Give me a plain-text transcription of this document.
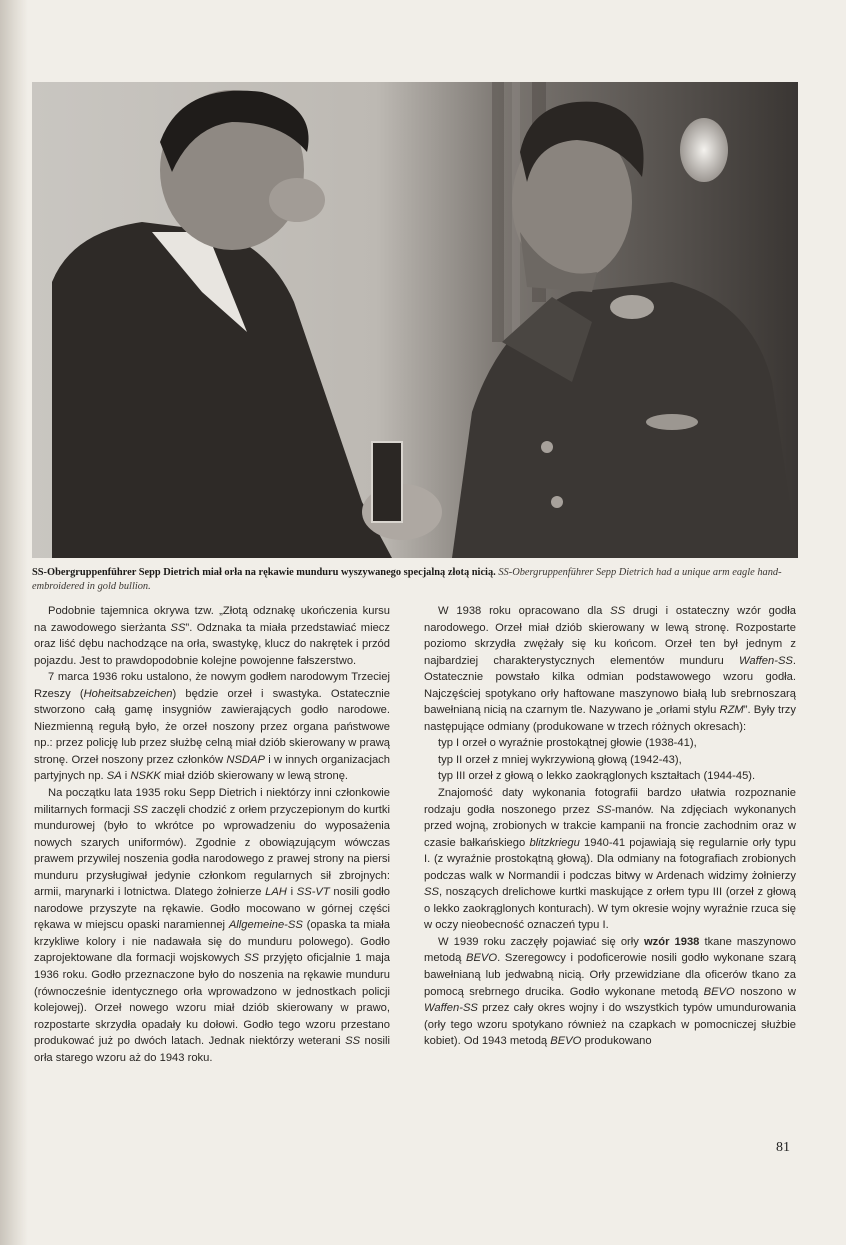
SS-Obergruppenführer Sepp Dietrich miał orła na rękawie munduru wyszywanego specjalną złotą nicią. SS-Obergruppenführer Sepp Dietrich had a unique arm eagle hand-embroidered in gold bullion.

Podobnie tajemnica okrywa tzw. „Złotą odznakę ukończenia kursu na zawodowego sierżanta SS”. Odznaka ta miała przedstawiać miecz oraz liść dębu nachodzące na orła, swastykę, klucz do nakrętek i przód pojazdu. Jest to prawdopodobnie kolejne powojenne fałszerstwo.

7 marca 1936 roku ustalono, że nowym godłem narodowym Trzeciej Rzeszy (Hoheitsabzeichen) będzie orzeł i swastyka. Ostatecznie stworzono całą gamę insygniów zawierających godło narodowe. Niezmienną regułą było, że orzeł noszony przez organa państwowe np.: przez policję lub przez służbę celną miał dziób skierowany w prawą stronę. Orzeł noszony przez członków NSDAP i w innych organizacjach partyjnych np. SA i NSKK miał dziób skierowany w lewą stronę.

Na początku lata 1935 roku Sepp Dietrich i niektórzy inni członkowie militarnych formacji SS zaczęli chodzić z orłem przyczepionym do kurtki mundurowej (było to wkrótce po wprowadzeniu do wyposażenia nowych szarych uniformów). Zgodnie z obowiązującym wówczas prawem przywilej noszenia godła narodowego z prawej strony na piersi munduru przysługiwał jedynie członkom regularnych sił zbrojnych: armii, marynarki i lotnictwa. Dlatego żołnierze LAH i SS-VT nosili godło narodowe przyszyte na rękawie. Godło mocowano w górnej części rękawa w miejscu opaski naramiennej Allgemeine-SS (opaska ta miała krzykliwe kolory i nie nadawała się do munduru polowego). Godło zaprojektowane dla formacji wojskowych SS przyjęto oficjalnie 1 maja 1936 roku. Godło przeznaczone było do noszenia na rękawie munduru (równocześnie identycznego orła wprowadzono w jednostkach policji kolejowej). Orzeł nowego wzoru miał dziób skierowany w prawo, rozpostarte skrzydła opadały ku dołowi. Godło tego wzoru przestano produkować już po dwóch latach. Jednak niektórzy weterani SS nosili orła starego wzoru aż do 1943 roku.

W 1938 roku opracowano dla SS drugi i ostateczny wzór godła narodowego. Orzeł miał dziób skierowany w lewą stronę. Rozpostarte poziomo skrzydła zwężały się ku końcom. Orzeł ten był jednym z najbardziej charakterystycznych elementów munduru Waffen-SS. Ostatecznie powstało kilka odmian podstawowego wzoru godła. Najczęściej spotykano orły haftowane maszynowo białą lub srebrnoszarą bawełnianą nicią na czarnym tle. Nazywano je „orłami stylu RZM”. Były trzy następujące odmiany (produkowane w trzech różnych okresach):

typ I orzeł o wyraźnie prostokątnej głowie (1938-41),

typ II orzeł z mniej wykrzywioną głową (1942-43),

typ III orzeł z głową o lekko zaokrąglonych kształtach (1944-45).

Znajomość daty wykonania fotografii bardzo ułatwia rozpoznanie rodzaju godła noszonego przez SS-manów. Na zdjęciach wykonanych przed wojną, zrobionych w trakcie kampanii na froncie zachodnim oraz w czasie bałkańskiego blitzkriegu 1940-41 pojawiają się regularnie orły typu I. (z wyraźnie prostokątną głową). Dla odmiany na fotografiach zrobionych podczas walk w Normandii i podczas bitwy w Ardenach widzimy żołnierzy SS, noszących drelichowe kurtki maskujące z orłem typu III (orzeł z głową o lekko zaokrąglonych konturach). W tym okresie wojny wyraźnie rzuca się w oczy nieobecność oznaczeń typu I.

W 1939 roku zaczęły pojawiać się orły wzór 1938 tkane maszynowo metodą BEVO. Szeregowcy i podoficerowie nosili godło wykonane szarą bawełnianą lub jedwabną nicią. Orły przewidziane dla oficerów tkano za pomocą srebrnego drucika. Godło wykonane metodą BEVO noszono w Waffen-SS przez cały okres wojny i do wszystkich typów umundurowania (orły tego wzoru spotykano również na czapkach w pomocniczej służbie kobiet). Od 1943 metodą BEVO produkowano

81
